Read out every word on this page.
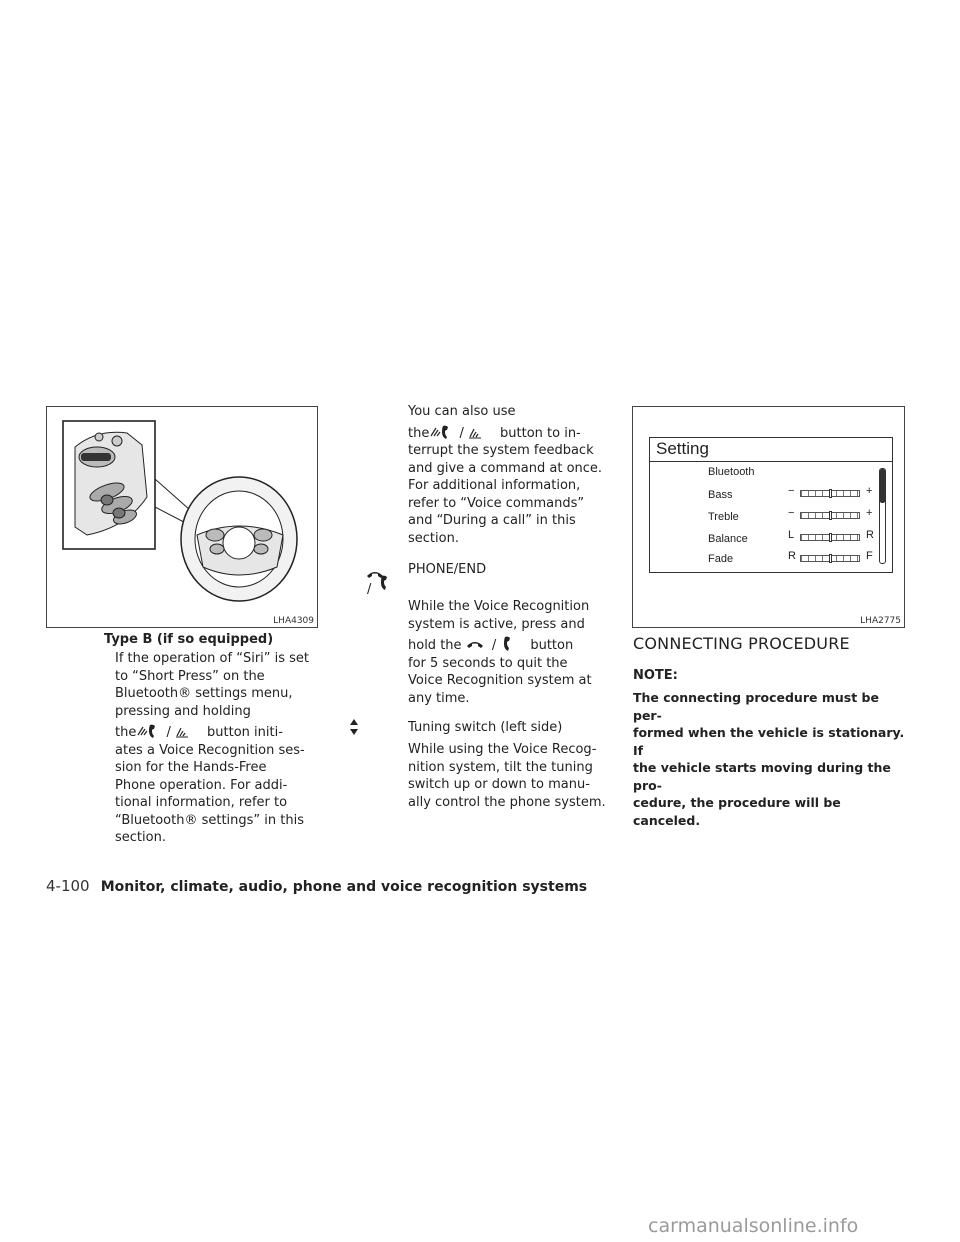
LHA4309
Type B (if so equipped)
If the operation of “Siri” is set
to “Short Press” on the
Bluetooth® settings menu,
pressing and holding
the /	button initi-
ates a Voice Recognition ses-
sion for the Hands-Free
Phone operation. For addi-
tional information, refer to
“Bluetooth® settings” in this
section.
You can also use
the /	button to in-
terrupt the system feedback
and give a command at once.
For additional information,
refer to “Voice commands”
and “During a call” in this
section.
/
PHONE/END
While the Voice Recognition
system is active, press and
hold the /	button
for 5 seconds to quit the
Voice Recognition system at
any time.
Tuning switch (left side)
While using the Voice Recog-
nition system, tilt the tuning
switch up or down to manu-
ally control the phone system.
Setting
Bluetooth
Bass	−	+
Treble	−	+
Balance	L	R
Fade	R	F
LHA2775
CONNECTING PROCEDURE
NOTE:
The connecting procedure must be per-
formed when the vehicle is stationary. If
the vehicle starts moving during the pro-
cedure, the procedure will be canceled.
4-100 Monitor, climate, audio, phone and voice recognition systems
carmanualsonline.info
